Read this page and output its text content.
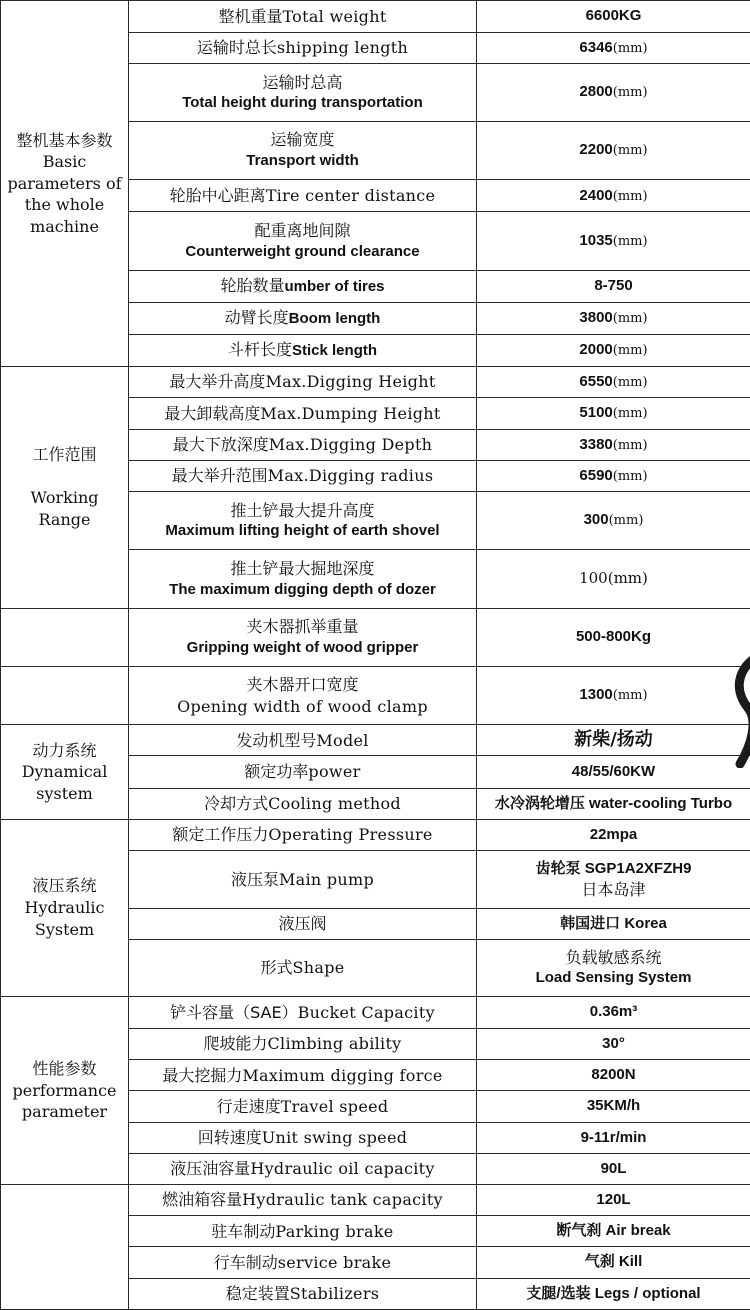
整机基本参数
Basic
parameters of
the whole
machine	整机重量Total weight	6600KG
	运输时总长shipping length	6346(mm)

	运输时总高
Total height during transportation	2800(mm)

	运输宽度
Transport width	2200(mm)
	轮胎中心距离Tire center distance	2400(mm)

	配重离地间隙
Counterweight ground clearance	1035(mm)
	轮胎数量umber of tires	8-750
	动臂长度Boom length	3800(mm)
	斗杆长度Stick length	2000(mm)
工作范围

Working Range	最大举升高度Max.Digging Height	6550(mm)
	最大卸载高度Max.Dumping Height	5100(mm)
	最大下放深度Max.Digging Depth	3380(mm)
	最大举升范围Max.Digging radius	6590(mm)

	推土铲最大提升高度
Maximum lifting height of earth shovel	300(mm)

	推土铲最大掘地深度
The maximum digging depth of dozer	100(mm)

	夹木器抓举重量
Gripping weight of wood gripper	500-800Kg

	夹木器开口宽度
Opening width of wood clamp	1300(mm)
动力系统
Dynamical
system	发动机型号Model	新柴/扬动
	额定功率power	48/55/60KW
	冷却方式Cooling method	水冷涡轮增压 water-cooling Turbo
液压系统
Hydraulic
System	额定工作压力Operating Pressure	22mpa
	液压泵Main pump	齿轮泵 SGP1A2XFZH9
日本岛津

	液压阀	韩国进口 Korea
	形式Shape	负载敏感系统
Load Sensing System

性能参数
performance
parameter	铲斗容量（SAE）Bucket Capacity	0.36m³
	爬坡能力Climbing ability	30°
	最大挖掘力Maximum digging force	8200N
	行走速度Travel speed	35KM/h
	回转速度Unit swing speed	9-11r/min
	液压油容量Hydraulic oil capacity	90L
	燃油箱容量Hydraulic tank capacity	120L
	驻车制动Parking brake	断气刹 Air break
	行车制动service brake	气刹 Kill
	稳定装置Stabilizers	支腿/选装 Legs / optional
